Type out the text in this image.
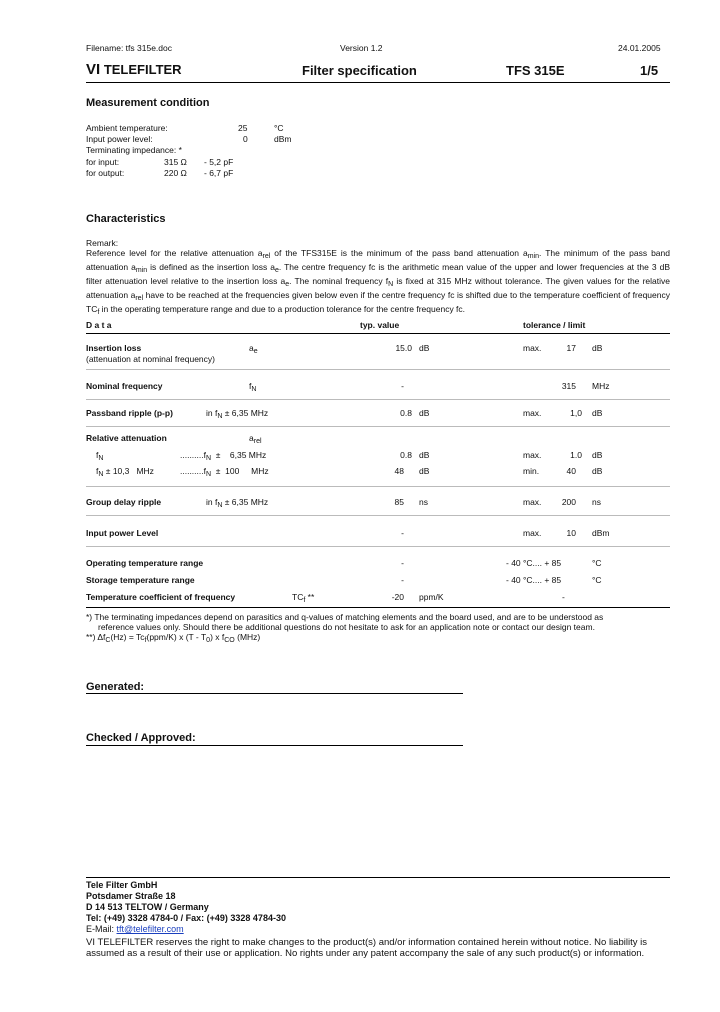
Filename: tfs 315e.doc	Version 1.2	24.01.2005
VI TELEFILTER	Filter specification	TFS 315E	1/5
Measurement condition
Ambient temperature:	25	°C
Input power level:	0	dBm
Terminating impedance: *
for input:	315 Ω - 5,2 pF
for output:	220 Ω - 6,7 pF
Characteristics
Remark:
Reference level for the relative attenuation $a_{rel}$ of the TFS315E is the minimum of the pass band attenuation $a_{min}$. The minimum of the pass band attenuation $a_{min}$ is defined as the insertion loss $a_e$. The centre frequency fc is the arithmetic mean value of the upper and lower frequencies at the 3 dB filter attenuation level relative to the insertion loss $a_e$. The nominal frequency $f_N$ is fixed at 315 MHz without tolerance. The given values for the relative attenuation $a_{rel}$ have to be reached at the frequencies given below even if the centre frequency fc is shifted due to the temperature coefficient of frequency $TC_f$ in the operating temperature range and due to a production tolerance for the centre frequency fc.
D a t a	typ. value	tolerance / limit
Insertion loss
(attenuation at nominal frequency)
$a_e$	15.0 dB	max.	17 dB
Nominal frequency	$f_N$	-	315 MHz
Passband ripple (p-p)	in $f_N \pm 6,35$ MHz	0.8 dB	max.	1,0 dB
Relative attenuation	$a_{rel}$
$f_N$	$..........f_N$  ±    6,35 MHz	0.8 dB	max.	1.0 dB
$f_N \pm 10,3$   MHz	$..........f_N \pm 100$     MHz	48 dB	min.	40 dB
Group delay ripple	in $f_N \pm 6,35$ MHz	85 ns	max.	200 ns
Input power Level	-	max.	10 dBm
Operating temperature range	-	- 40 °C.... + 85	°C
Storage temperature range	-	- 40 °C.... + 85	°C
Temperature coefficient of frequency	$TC_f$ **	-20 ppm/K	-
*) The terminating impedances depend on parasitics and q-values of matching elements and the board used, and are to be understood as
reference values only. Should there be additional questions do not hesitate to ask for an application note or contact our design team.
**) $\Delta f_C(Hz) = Tc_f(ppm/K)$ x $(T - T_0)$ x $f_{CO}$ (MHz)
Generated:
Checked / Approved:
Tele Filter GmbH
Potsdamer Straße 18
D 14 513 TELTOW / Germany
Tel: (+49) 3328 4784-0 / Fax: (+49) 3328 4784-30
E-Mail: tft@telefilter.com
VI TELEFILTER reserves the right to make changes to the product(s) and/or information contained herein without notice. No liability is
assumed as a result of their use or application. No rights under any patent accompany the sale of any such product(s) or information.
